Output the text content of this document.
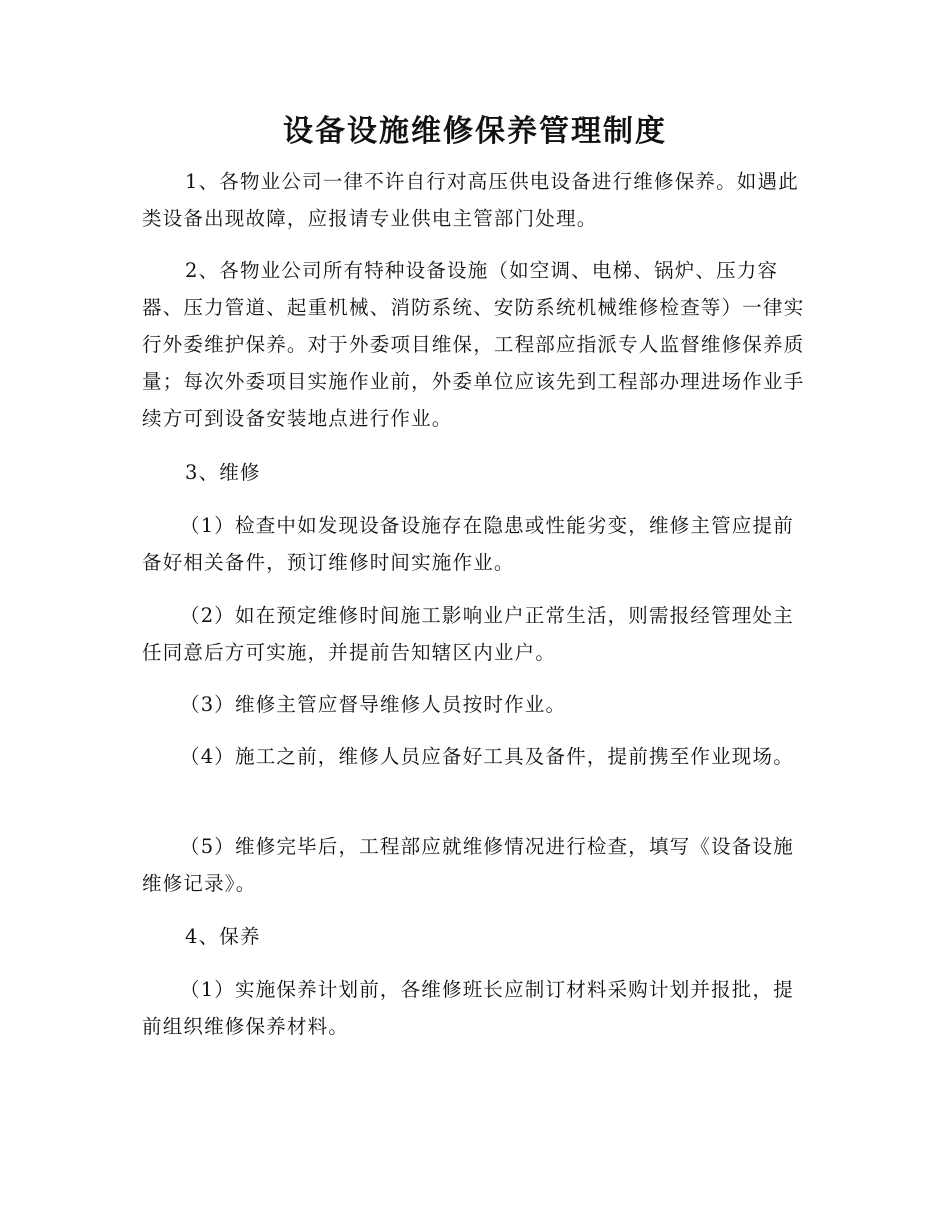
设备设施维修保养管理制度

1、各物业公司一律不许自行对高压供电设备进行维修保养。如遇此类设备出现故障，应报请专业供电主管部门处理。

2、各物业公司所有特种设备设施（如空调、电梯、锅炉、压力容器、压力管道、起重机械、消防系统、安防系统机械维修检查等）一律实行外委维护保养。对于外委项目维保，工程部应指派专人监督维修保养质量；每次外委项目实施作业前，外委单位应该先到工程部办理进场作业手续方可到设备安装地点进行作业。

3、维修

（1）检查中如发现设备设施存在隐患或性能劣变，维修主管应提前备好相关备件，预订维修时间实施作业。

（2）如在预定维修时间施工影响业户正常生活，则需报经管理处主任同意后方可实施，并提前告知辖区内业户。

（3）维修主管应督导维修人员按时作业。

（4）施工之前，维修人员应备好工具及备件，提前携至作业现场。

（5）维修完毕后，工程部应就维修情况进行检查，填写《设备设施维修记录》。

4、保养

（1）实施保养计划前，各维修班长应制订材料采购计划并报批，提前组织维修保养材料。
